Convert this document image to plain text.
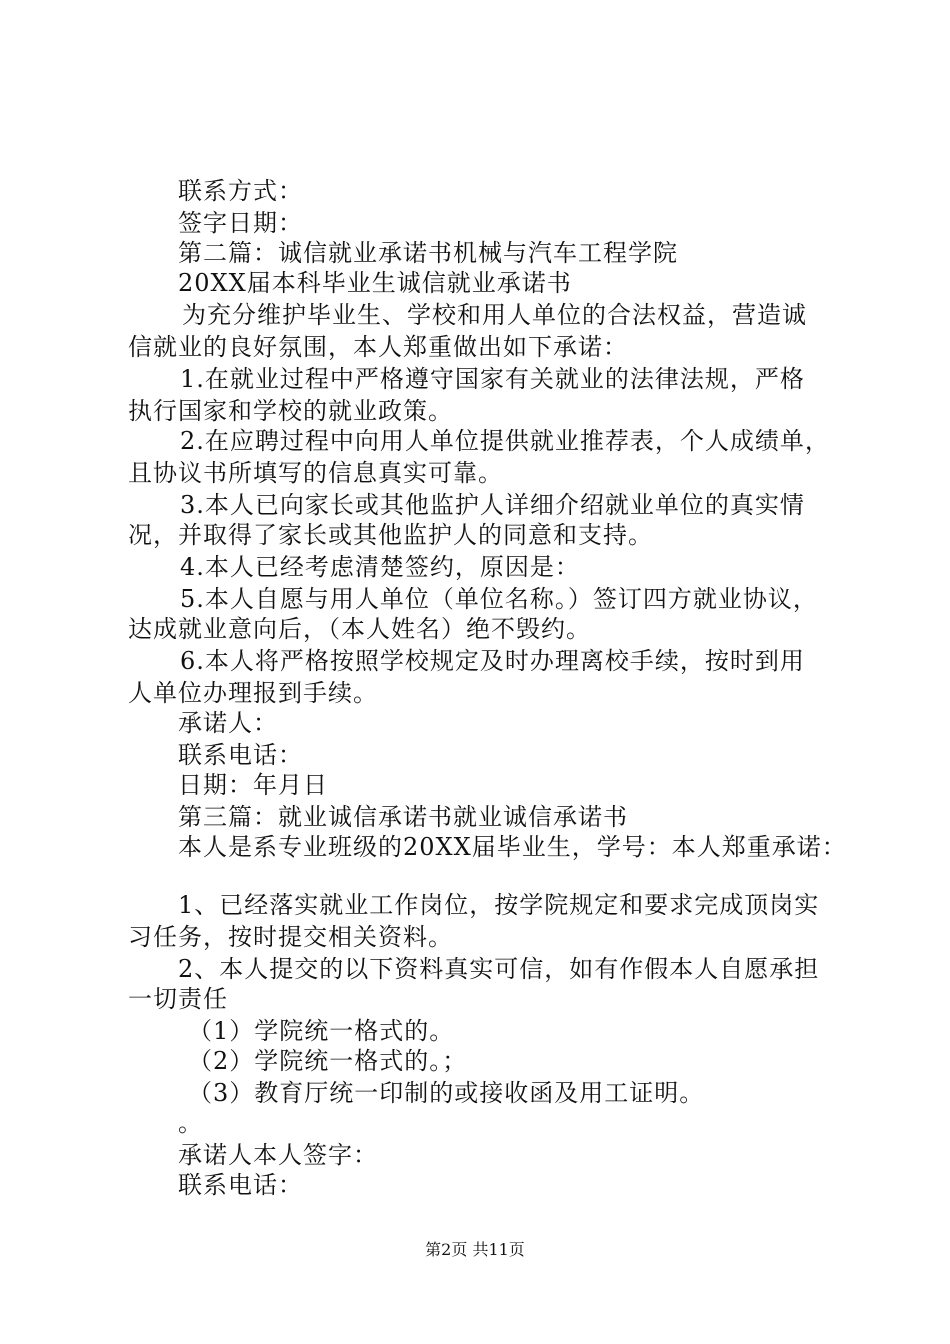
联系方式：
签字日期：
第二篇：诚信就业承诺书机械与汽车工程学院
20XX届本科毕业生诚信就业承诺书
为充分维护毕业生、学校和用人单位的合法权益，营造诚
信就业的良好氛围，本人郑重做出如下承诺：
1.在就业过程中严格遵守国家有关就业的法律法规，严格
执行国家和学校的就业政策。
2.在应聘过程中向用人单位提供就业推荐表，个人成绩单，
且协议书所填写的信息真实可靠。
3.本人已向家长或其他监护人详细介绍就业单位的真实情
况，并取得了家长或其他监护人的同意和支持。
4.本人已经考虑清楚签约，原因是：
5.本人自愿与用人单位（单位名称。）签订四方就业协议，
达成就业意向后，（本人姓名）绝不毁约。
6.本人将严格按照学校规定及时办理离校手续，按时到用
人单位办理报到手续。
承诺人：
联系电话：
日期：年月日
第三篇：就业诚信承诺书就业诚信承诺书
本人是系专业班级的20XX届毕业生，学号：本人郑重承诺：
1、已经落实就业工作岗位，按学院规定和要求完成顶岗实
习任务，按时提交相关资料。
2、本人提交的以下资料真实可信，如有作假本人自愿承担
一切责任
（1）学院统一格式的。
（2）学院统一格式的。；
（3）教育厅统一印制的或接收函及用工证明。
。
承诺人本人签字：
联系电话：
第2页 共11页
